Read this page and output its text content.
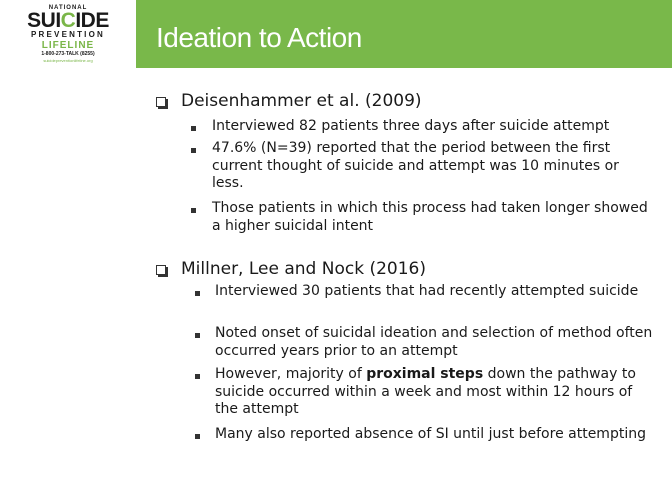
NATIONAL
SUICIDE
PREVENTION
LIFELINE
1-800-273-TALK (8255)
suicidepreventionlifeline.org
Ideation to Action
Deisenhammer et al. (2009)
Interviewed 82 patients three days after suicide attempt
47.6% (N=39) reported that the period between the first current thought of suicide and attempt was 10 minutes or less.
Those patients in which this process had taken longer showed a higher suicidal intent
Millner, Lee and Nock (2016)
Interviewed 30 patients that had recently attempted suicide
Noted onset of suicidal ideation and selection of method often occurred years prior to an attempt
However, majority of proximal steps down the pathway to suicide occurred within a week and most within 12 hours of the attempt
Many also reported absence of SI until just before attempting
